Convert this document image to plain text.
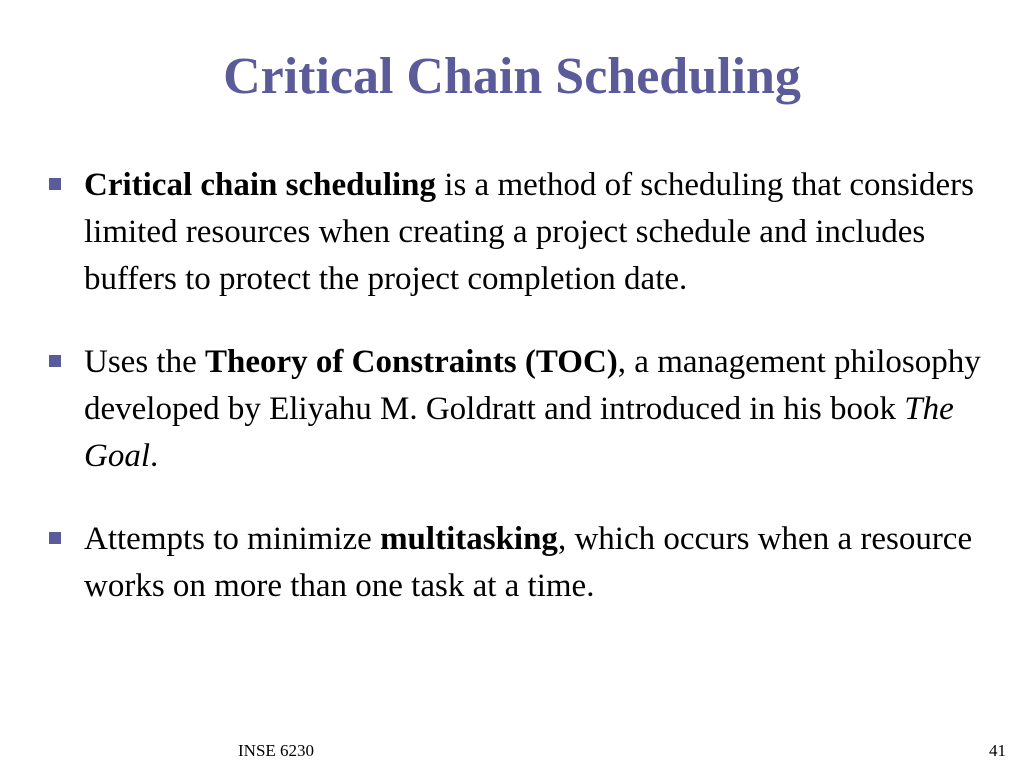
Critical Chain Scheduling
Critical chain scheduling is a method of scheduling that considers limited resources when creating a project schedule and includes buffers to protect the project completion date.
Uses the Theory of Constraints (TOC), a management philosophy developed by Eliyahu M. Goldratt and introduced in his book The Goal.
Attempts to minimize multitasking, which occurs when a resource works on more than one task at a time.
INSE 6230	41
